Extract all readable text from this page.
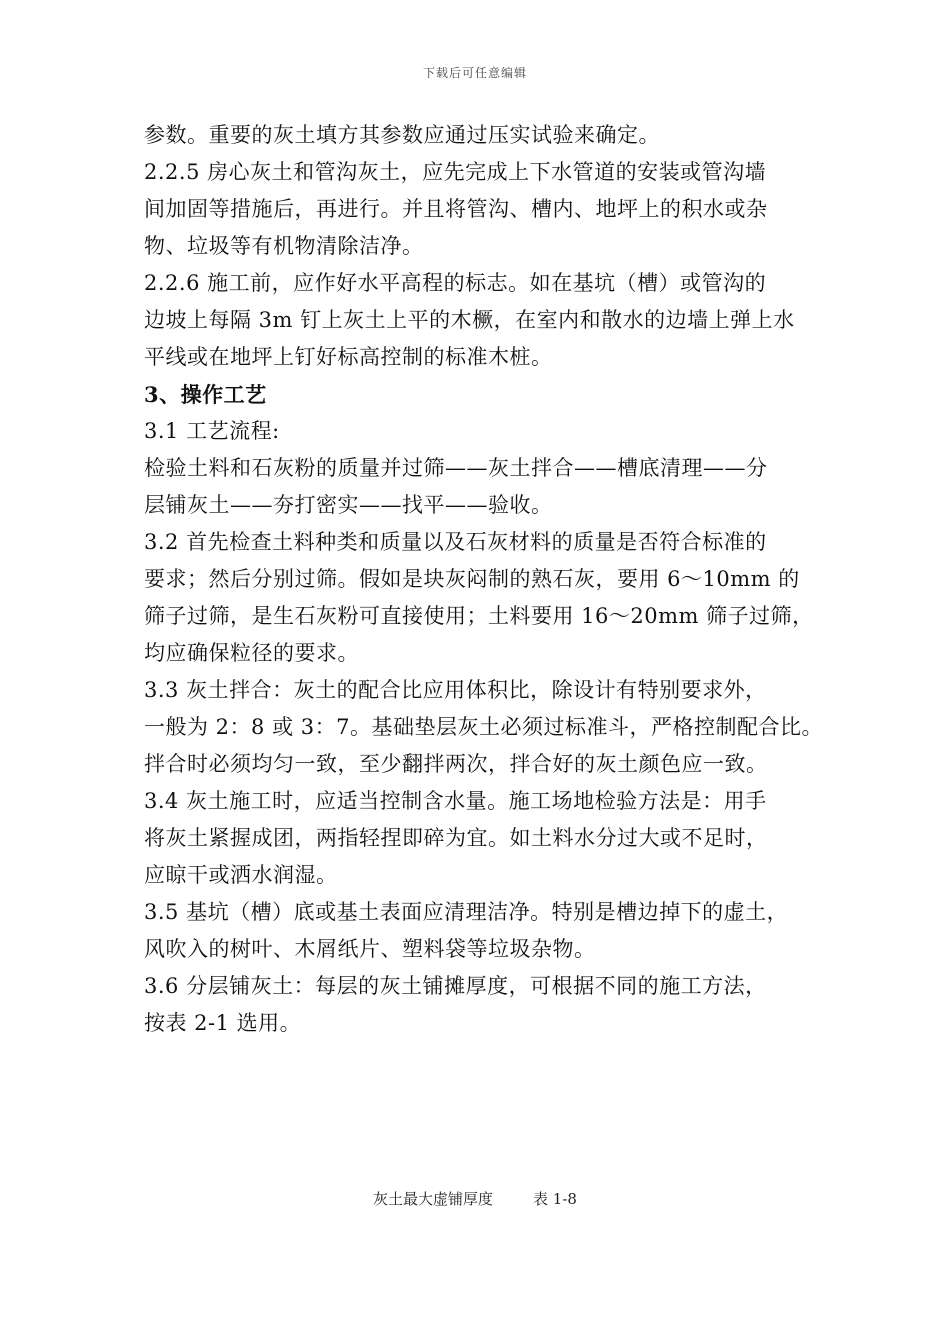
下载后可任意编辑
参数。重要的灰土填方其参数应通过压实试验来确定。
2.2.5 房心灰土和管沟灰土，应先完成上下水管道的安装或管沟墙
间加固等措施后，再进行。并且将管沟、槽内、地坪上的积水或杂
物、垃圾等有机物清除洁净。
2.2.6 施工前，应作好水平高程的标志。如在基坑（槽）或管沟的
边坡上每隔 3m 钉上灰土上平的木橛，在室内和散水的边墙上弹上水
平线或在地坪上钉好标高控制的标准木桩。
3、操作工艺
3.1 工艺流程:
检验土料和石灰粉的质量并过筛——灰土拌合——槽底清理——分
层铺灰土——夯打密实——找平——验收。
3.2 首先检查土料种类和质量以及石灰材料的质量是否符合标准的
要求；然后分别过筛。假如是块灰闷制的熟石灰，要用 6～10mm 的
筛子过筛，是生石灰粉可直接使用；土料要用 16～20mm 筛子过筛，
均应确保粒径的要求。
3.3 灰土拌合：灰土的配合比应用体积比，除设计有特别要求外，
一般为 2：8 或 3：7。基础垫层灰土必须过标准斗，严格控制配合比。
拌合时必须均匀一致，至少翻拌两次，拌合好的灰土颜色应一致。
3.4 灰土施工时，应适当控制含水量。施工场地检验方法是：用手
将灰土紧握成团，两指轻捏即碎为宜。如土料水分过大或不足时，
应晾干或洒水润湿。
3.5 基坑（槽）底或基土表面应清理洁净。特别是槽边掉下的虚土，
风吹入的树叶、木屑纸片、塑料袋等垃圾杂物。
3.6 分层铺灰土：每层的灰土铺摊厚度，可根据不同的施工方法，
按表 2-1 选用。
灰土最大虚铺厚度	表 1-8
